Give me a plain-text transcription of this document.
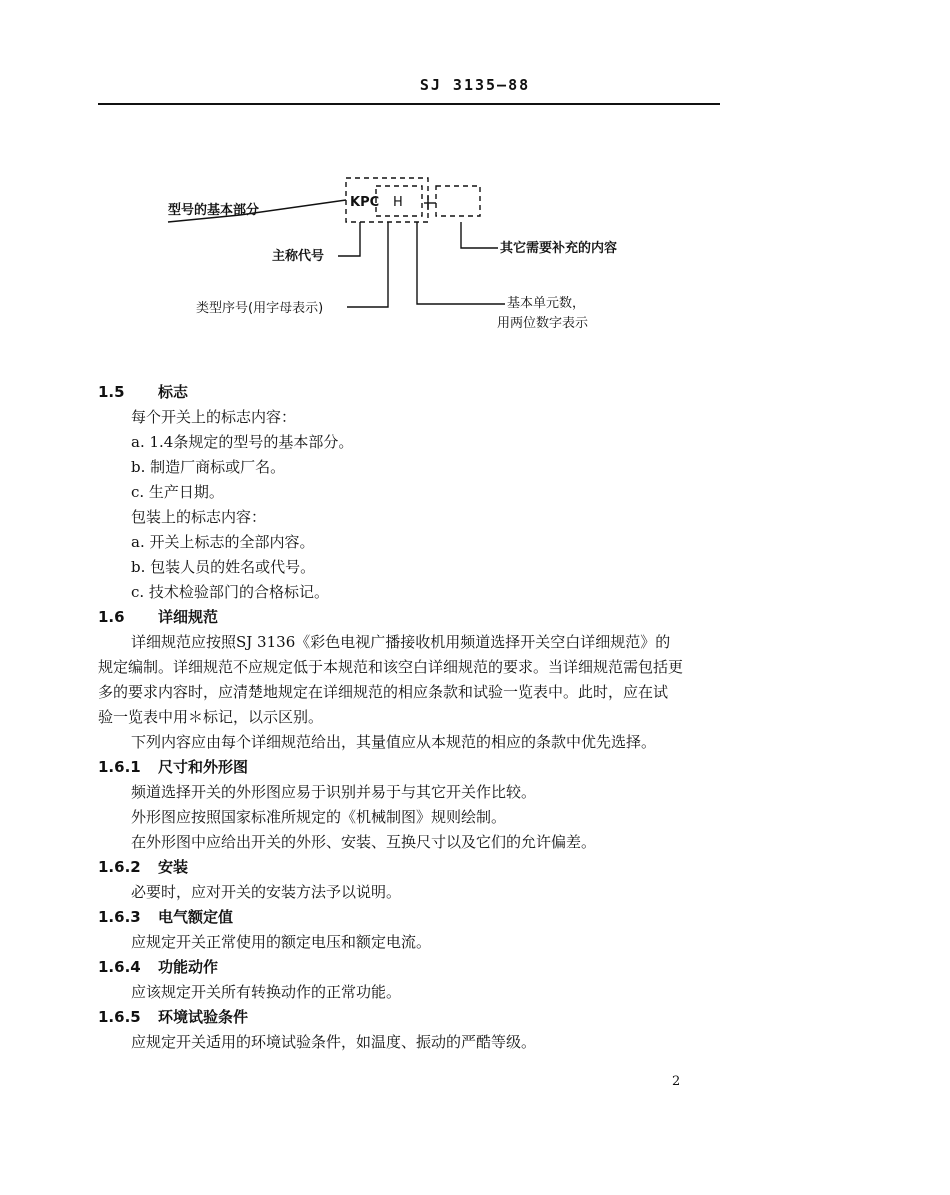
SJ 3135—88
KPC H
型号的基本部分
主称代号
其它需要补充的内容
类型序号(用字母表示)	基本单元数，
用两位数字表示
1.5 标志
每个开关上的标志内容：
a. 1.4条规定的型号的基本部分。
b. 制造厂商标或厂名。
c. 生产日期。
包装上的标志内容：
a. 开关上标志的全部内容。
b. 包装人员的姓名或代号。
c. 技术检验部门的合格标记。
1.6 详细规范
详细规范应按照SJ 3136《彩色电视广播接收机用频道选择开关空白详细规范》的
规定编制。详细规范不应规定低于本规范和该空白详细规范的要求。当详细规范需包括更
多的要求内容时，应清楚地规定在详细规范的相应条款和试验一览表中。此时，应在试
验一览表中用＊标记，以示区别。
下列内容应由每个详细规范给出，其量值应从本规范的相应的条款中优先选择。
1.6.1 尺寸和外形图
频道选择开关的外形图应易于识别并易于与其它开关作比较。
外形图应按照国家标准所规定的《机械制图》规则绘制。
在外形图中应给出开关的外形、安装、互换尺寸以及它们的允许偏差。
1.6.2 安装
必要时，应对开关的安装方法予以说明。
1.6.3 电气额定值
应规定开关正常使用的额定电压和额定电流。
1.6.4 功能动作
应该规定开关所有转换动作的正常功能。
1.6.5 环境试验条件
应规定开关适用的环境试验条件，如温度、振动的严酷等级。
2
